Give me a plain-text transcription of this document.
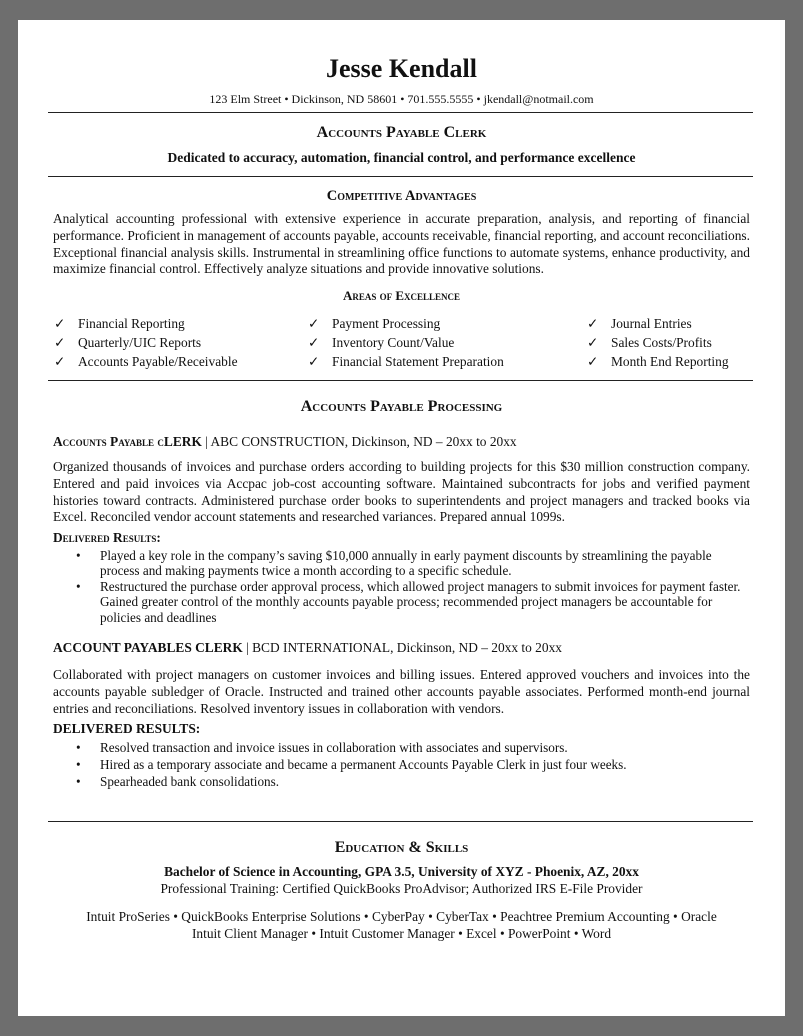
Jesse Kendall
123 Elm Street • Dickinson, ND 58601 • 701.555.5555 • jkendall@notmail.com
Accounts Payable Clerk
Dedicated to accuracy, automation, financial control, and performance excellence
Competitive Advantages
Analytical accounting professional with extensive experience in accurate preparation, analysis, and reporting of financial performance. Proficient in management of accounts payable, accounts receivable, financial reporting, and account reconciliations. Exceptional financial analysis skills. Instrumental in streamlining office functions to automate systems, enhance productivity, and maximize financial control. Effectively analyze situations and provide innovative solutions.
Areas of Excellence
✓ Financial Reporting
✓ Quarterly/UIC Reports
✓ Accounts Payable/Receivable
✓ Payment Processing
✓ Inventory Count/Value
✓ Financial Statement Preparation
✓ Journal Entries
✓ Sales Costs/Profits
✓ Month End Reporting
Accounts Payable Processing
Accounts Payable cLERK | ABC CONSTRUCTION, Dickinson, ND – 20xx to 20xx
Organized thousands of invoices and purchase orders according to building projects for this $30 million construction company. Entered and paid invoices via Accpac job-cost accounting software. Maintained subcontracts for jobs and verified payment histories toward contracts. Administered purchase order books to superintendents and project managers and tracked books via Excel. Reconciled vendor account statements and researched variances. Prepared annual 1099s.
Delivered Results:
• Played a key role in the company’s saving $10,000 annually in early payment discounts by streamlining the payable process and making payments twice a month according to a specific schedule.
• Restructured the purchase order approval process, which allowed project managers to submit invoices for payment faster. Gained greater control of the monthly accounts payable process; recommended project managers be accountable for policies and deadlines
ACCOUNT PAYABLES CLERK | BCD INTERNATIONAL, Dickinson, ND – 20xx to 20xx
Collaborated with project managers on customer invoices and billing issues. Entered approved vouchers and invoices into the accounts payable subledger of Oracle. Instructed and trained other accounts payable associates. Performed month-end journal entries and reconciliations. Resolved inventory issues in collaboration with vendors.
DELIVERED RESULTS:
• Resolved transaction and invoice issues in collaboration with associates and supervisors.
• Hired as a temporary associate and became a permanent Accounts Payable Clerk in just four weeks.
• Spearheaded bank consolidations.
Education & Skills
Bachelor of Science in Accounting, GPA 3.5, University of XYZ - Phoenix, AZ, 20xx
Professional Training: Certified QuickBooks ProAdvisor; Authorized IRS E-File Provider
Intuit ProSeries • QuickBooks Enterprise Solutions • CyberPay • CyberTax • Peachtree Premium Accounting • Oracle
Intuit Client Manager • Intuit Customer Manager • Excel • PowerPoint • Word
